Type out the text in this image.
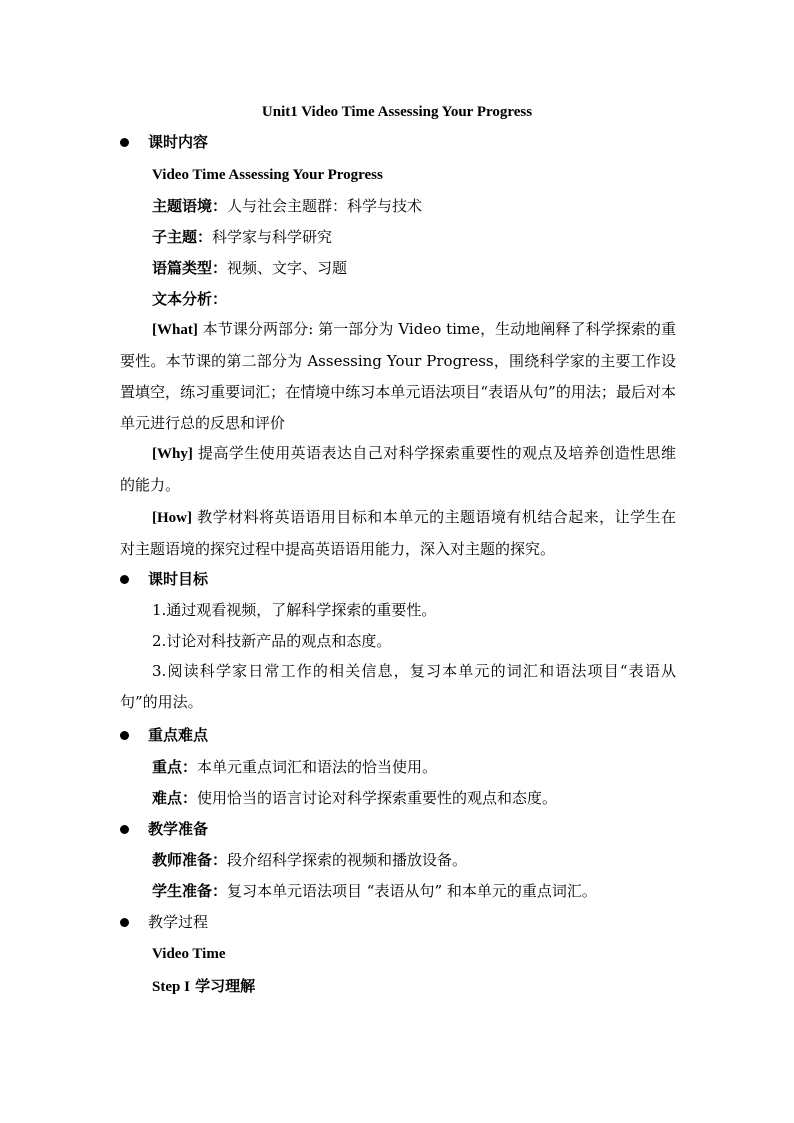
Unit1 Video Time Assessing Your Progress
课时内容
Video Time Assessing Your Progress
主题语境：人与社会主题群：科学与技术
子主题：科学家与科学研究
语篇类型：视频、文字、习题
文本分析：
[What] 本节课分两部分: 第一部分为 Video time，生动地阐释了科学探索的重要性。本节课的第二部分为 Assessing Your Progress，围绕科学家的主要工作设置填空，练习重要词汇；在情境中练习本单元语法项目“表语从句”的用法；最后对本单元进行总的反思和评价
[Why] 提高学生使用英语表达自己对科学探索重要性的观点及培养创造性思维的能力。
[How] 教学材料将英语语用目标和本单元的主题语境有机结合起来，让学生在对主题语境的探究过程中提高英语语用能力，深入对主题的探究。
课时目标
1.通过观看视频，了解科学探索的重要性。
2.讨论对科技新产品的观点和态度。
3.阅读科学家日常工作的相关信息，复习本单元的词汇和语法项目“表语从句”的用法。
重点难点
重点：本单元重点词汇和语法的恰当使用。
难点：使用恰当的语言讨论对科学探索重要性的观点和态度。
教学准备
教师准备：段介绍科学探索的视频和播放设备。
学生准备：复习本单元语法项目 “表语从句” 和本单元的重点词汇。
教学过程
Video Time
Step I 学习理解
